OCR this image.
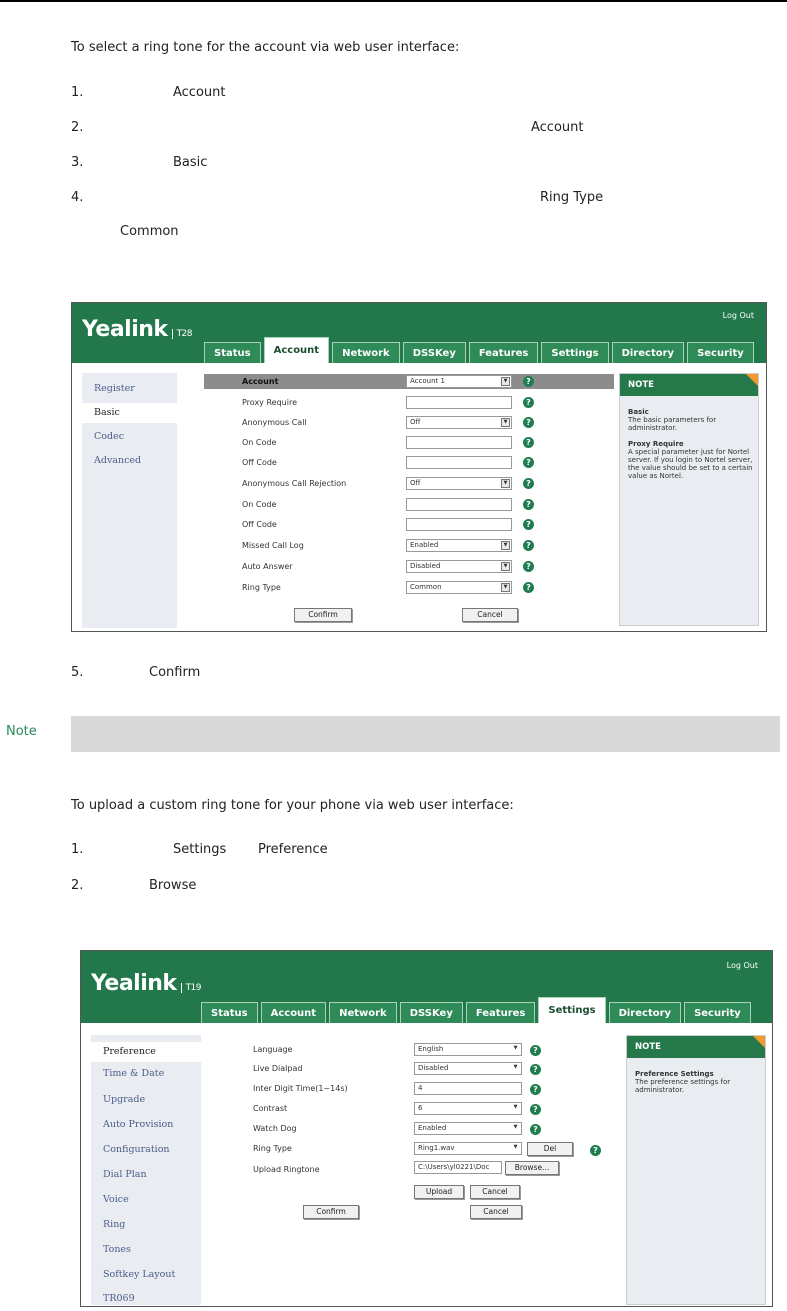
To select a ring tone for the account via web user interface:
1.	Account
2.	Account
3.	Basic
4.	Ring Type
Common
Yealink T28
Log Out
Status	Account	Network	DSSKey	Features	Settings	Directory	Security
Register
Basic
Codec
Advanced
Account	Account 1	▼	?
Proxy Require	?
Anonymous Call	Off	▼	?
On Code	?
Off Code	?
Anonymous Call Rejection	Off	▼	?
On Code	?
Off Code	?
Missed Call Log	Enabled	▼	?
Auto Answer	Disabled	▼	?
Ring Type	Common	▼	?
Confirm	Cancel
NOTE
Basic
The basic parameters for administrator.
Proxy Require
A special parameter just for Nortel server. If you login to Nortel server, the value should be set to a certain value as Nortel.
5.	Confirm
Note
To upload a custom ring tone for your phone via web user interface:
1.	Settings Preference
2.	Browse
Yealink T19
Log Out
Status	Account	Network	DSSKey	Features	Settings	Directory	Security
Preference
Time & Date
Upgrade
Auto Provision
Configuration
Dial Plan
Voice
Ring
Tones
Softkey Layout
TR069
Language	English	▼	?
Live Dialpad	Disabled	▼	?
Inter Digit Time(1~14s)	4	?
Contrast	6	▼	?
Watch Dog	Enabled	▼	?
Ring Type	Ring1.wav	▼	Del	?
Upload Ringtone	C:\Users\yl0221\Doc	Browse...
Upload	Cancel
Confirm	Cancel
NOTE
Preference Settings
The preference settings for administrator.
